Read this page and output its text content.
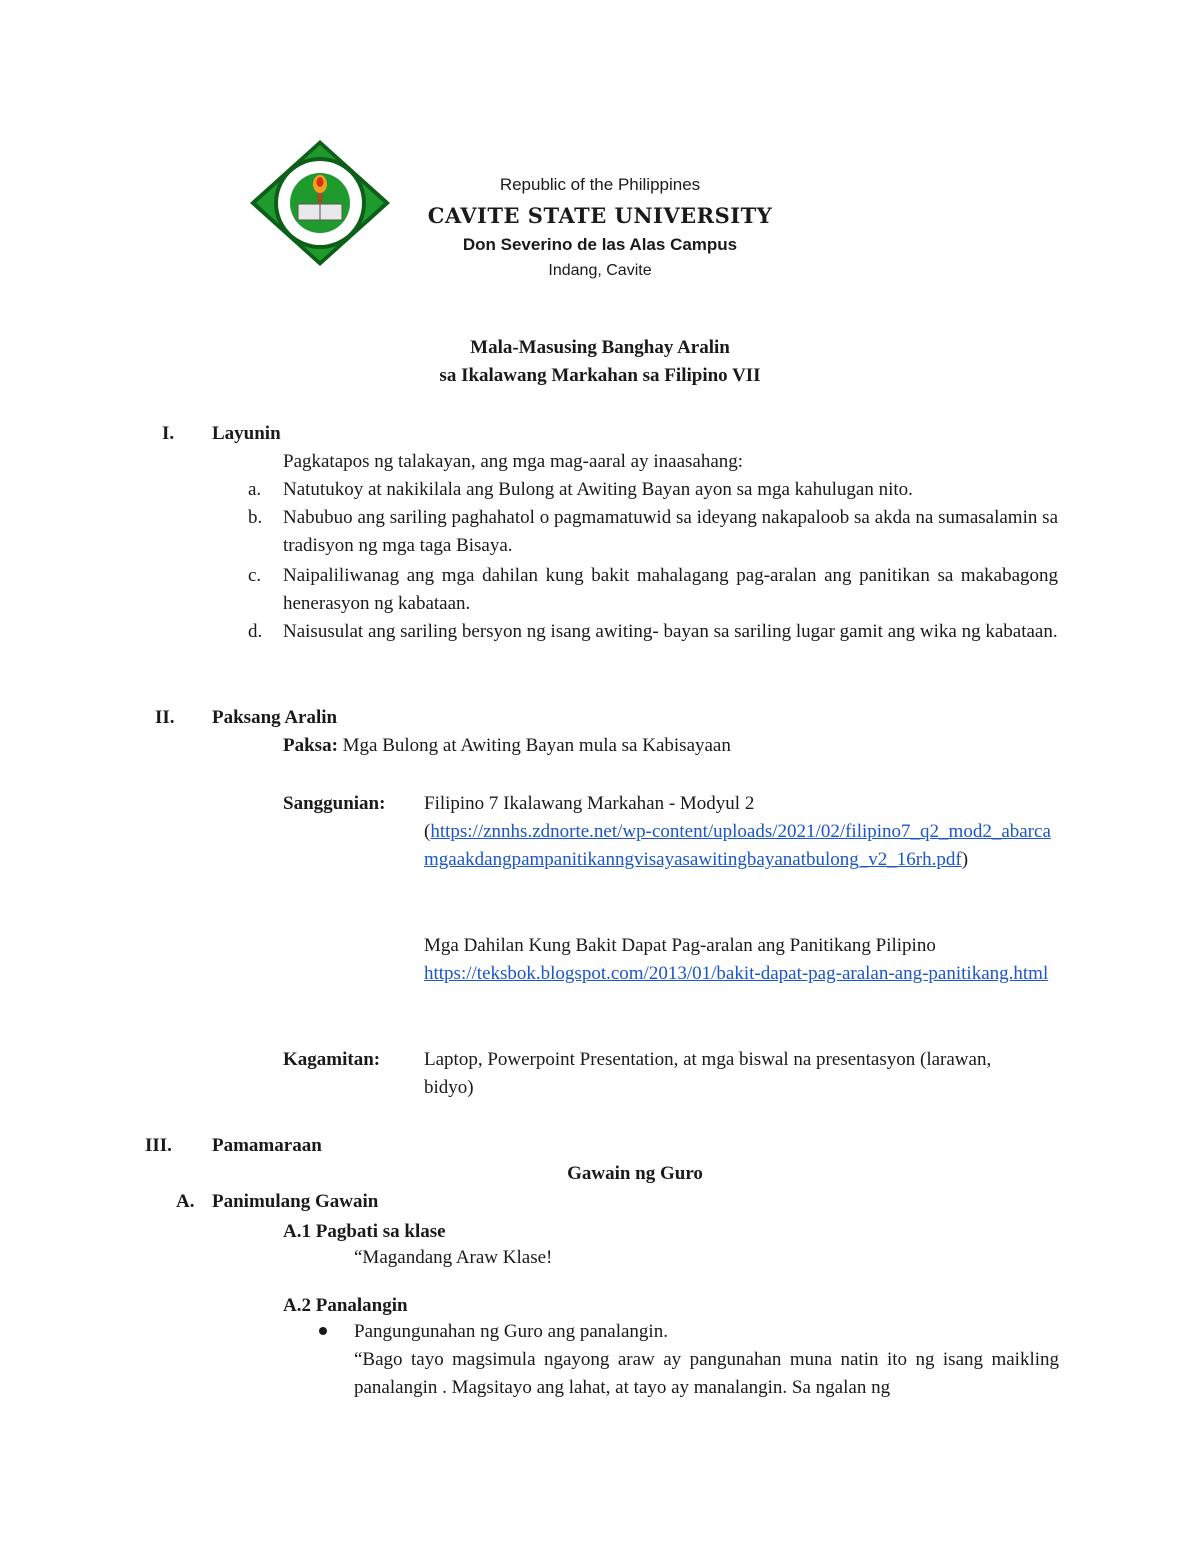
Republic of the Philippines
CAVITE STATE UNIVERSITY
Don Severino de las Alas Campus
Indang, Cavite
Mala-Masusing Banghay Aralin
sa Ikalawang Markahan sa Filipino VII
I. Layunin
Pagkatapos ng talakayan, ang mga mag-aaral ay inaasahang:
a. Natutukoy at nakikilala ang Bulong at Awiting Bayan ayon sa mga kahulugan nito.
b. Nabubuo ang sariling paghahatol o pagmamatuwid sa ideyang nakapaloob sa akda na sumasalamin sa tradisyon ng mga taga Bisaya.
c. Naipaliliwanag ang mga dahilan kung bakit mahalagang pag-aralan ang panitikan sa makabagong henerasyon ng kabataan.
d. Naisusulat ang sariling bersyon ng isang awiting- bayan sa sariling lugar gamit ang wika ng kabataan.
II. Paksang Aralin
Paksa: Mga Bulong at Awiting Bayan mula sa Kabisayaan
Sanggunian: Filipino 7 Ikalawang Markahan - Modyul 2
(https://znnhs.zdnorte.net/wp-content/uploads/2021/02/filipino7_q2_mod2_abarcamgaakdangpampanitikanngvisayasawitingbayanatbulong_v2_16rh.pdf)
Mga Dahilan Kung Bakit Dapat Pag-aralan ang Panitikang Pilipino
https://teksbok.blogspot.com/2013/01/bakit-dapat-pag-aralan-ang-panitikang.html
Kagamitan: Laptop, Powerpoint Presentation, at mga biswal na presentasyon (larawan, bidyo)
III. Pamamaraan
Gawain ng Guro
A. Panimulang Gawain
A.1 Pagbati sa klase
“Magandang Araw Klase!
A.2 Panalangin
Pangungunahan ng Guro ang panalangin.
“Bago tayo magsimula ngayong araw ay pangunahan muna natin ito ng isang maikling panalangin . Magsitayo ang lahat, at tayo ay manalangin. Sa ngalan ng
